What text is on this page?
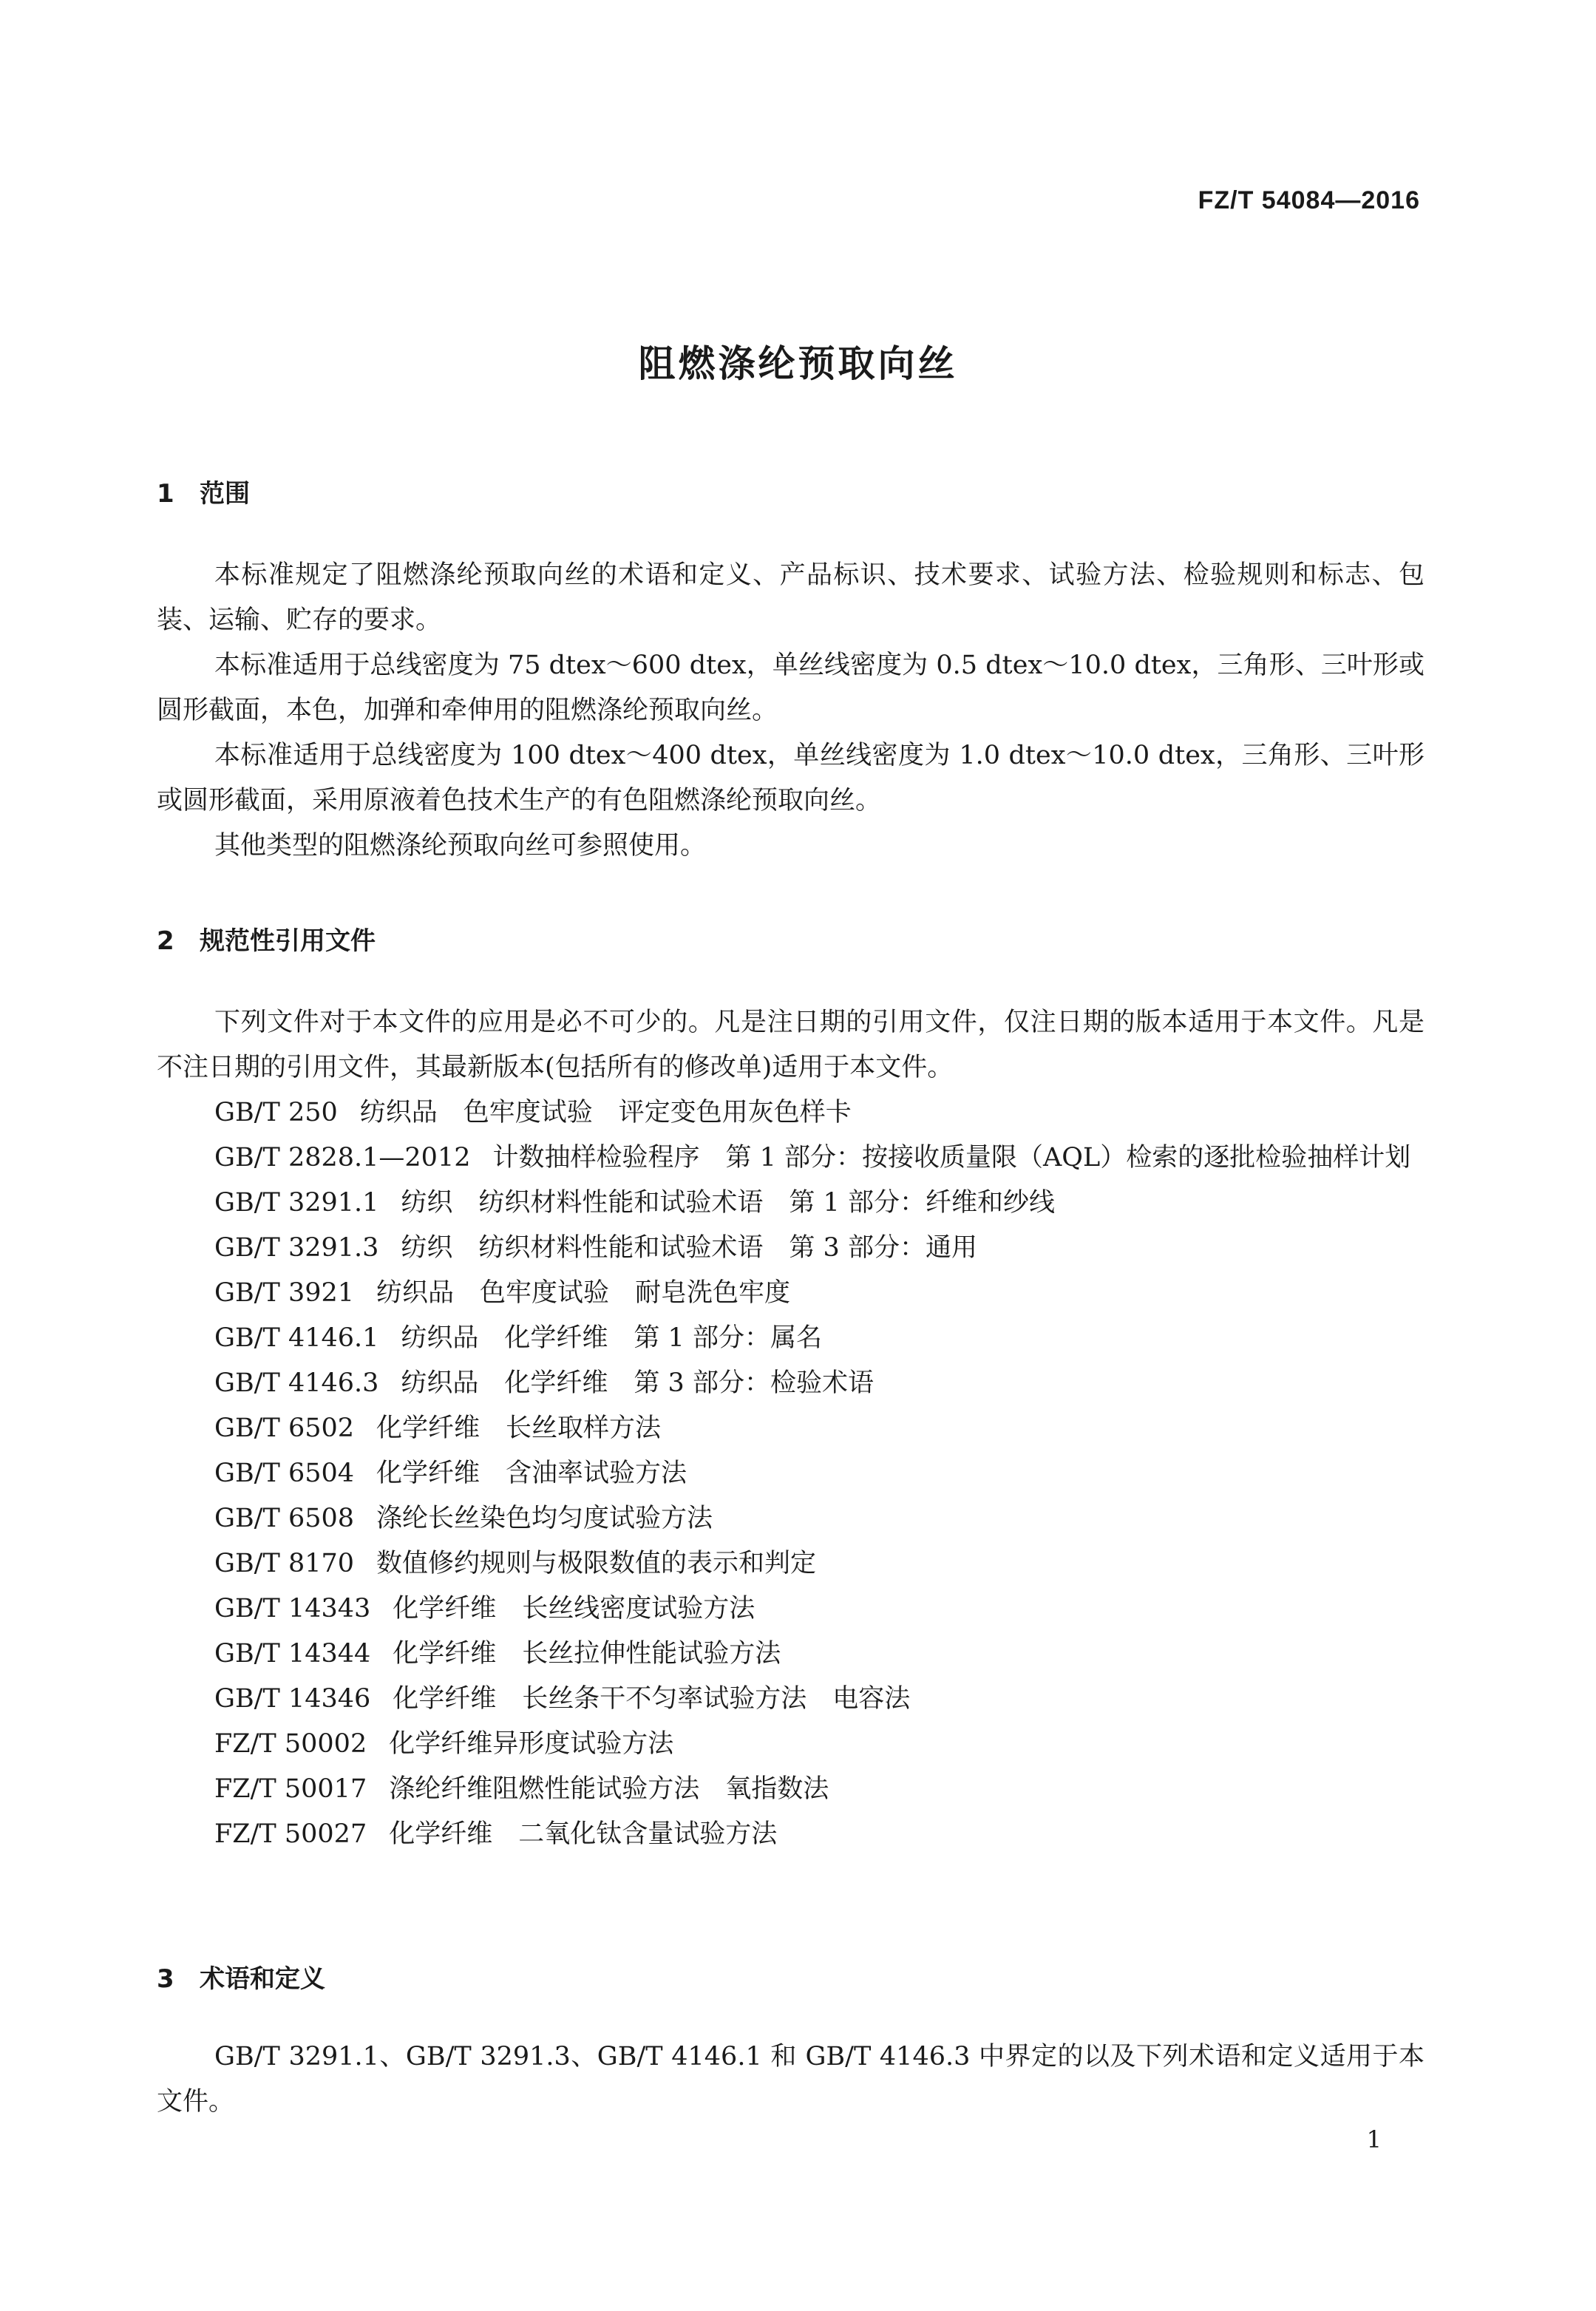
FZ/T 54084—2016
阻燃涤纶预取向丝
1 范围
本标准规定了阻燃涤纶预取向丝的术语和定义、产品标识、技术要求、试验方法、检验规则和标志、包装、运输、贮存的要求。
本标准适用于总线密度为 75 dtex～600 dtex，单丝线密度为 0.5 dtex～10.0 dtex，三角形、三叶形或圆形截面，本色，加弹和牵伸用的阻燃涤纶预取向丝。
本标准适用于总线密度为 100 dtex～400 dtex，单丝线密度为 1.0 dtex～10.0 dtex，三角形、三叶形或圆形截面，采用原液着色技术生产的有色阻燃涤纶预取向丝。
其他类型的阻燃涤纶预取向丝可参照使用。
2 规范性引用文件
下列文件对于本文件的应用是必不可少的。凡是注日期的引用文件，仅注日期的版本适用于本文件。凡是不注日期的引用文件，其最新版本(包括所有的修改单)适用于本文件。
GB/T 250 纺织品　色牢度试验　评定变色用灰色样卡
GB/T 2828.1—2012 计数抽样检验程序　第 1 部分：按接收质量限（AQL）检索的逐批检验抽样计划
GB/T 3291.1 纺织　纺织材料性能和试验术语　第 1 部分：纤维和纱线
GB/T 3291.3 纺织　纺织材料性能和试验术语　第 3 部分：通用
GB/T 3921 纺织品　色牢度试验　耐皂洗色牢度
GB/T 4146.1 纺织品　化学纤维　第 1 部分：属名
GB/T 4146.3 纺织品　化学纤维　第 3 部分：检验术语
GB/T 6502 化学纤维　长丝取样方法
GB/T 6504 化学纤维　含油率试验方法
GB/T 6508 涤纶长丝染色均匀度试验方法
GB/T 8170 数值修约规则与极限数值的表示和判定
GB/T 14343 化学纤维　长丝线密度试验方法
GB/T 14344 化学纤维　长丝拉伸性能试验方法
GB/T 14346 化学纤维　长丝条干不匀率试验方法　电容法
FZ/T 50002 化学纤维异形度试验方法
FZ/T 50017 涤纶纤维阻燃性能试验方法　氧指数法
FZ/T 50027 化学纤维　二氧化钛含量试验方法
3 术语和定义
GB/T 3291.1、GB/T 3291.3、GB/T 4146.1 和 GB/T 4146.3 中界定的以及下列术语和定义适用于本文件。
1
